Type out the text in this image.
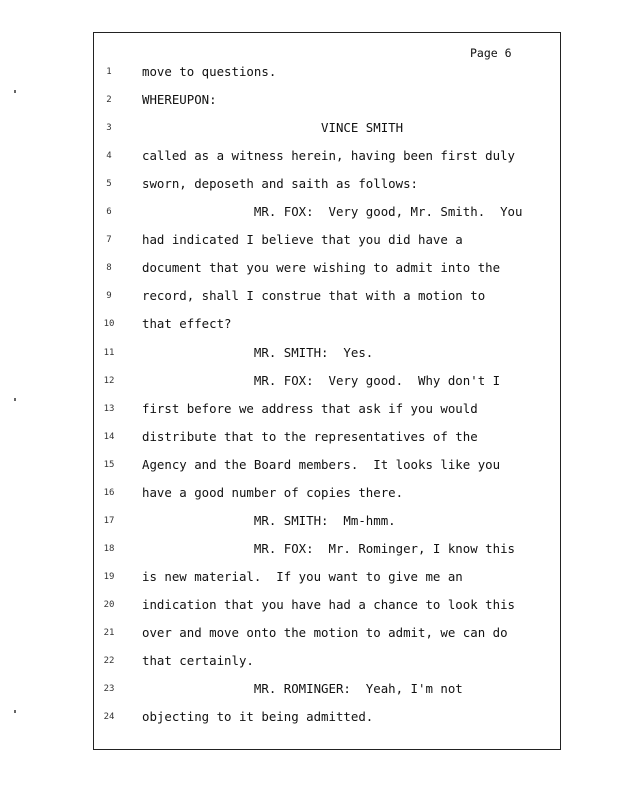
Page 6
1	move to questions.
2	WHEREUPON:
3	VINCE SMITH
4	called as a witness herein, having been first duly
5	sworn, deposeth and saith as follows:
6	MR. FOX:  Very good, Mr. Smith.  You
7	had indicated I believe that you did have a
8	document that you were wishing to admit into the
9	record, shall I construe that with a motion to
10	that effect?
11	MR. SMITH:  Yes.
12	MR. FOX:  Very good.  Why don't I
13	first before we address that ask if you would
14	distribute that to the representatives of the
15	Agency and the Board members.  It looks like you
16	have a good number of copies there.
17	MR. SMITH:  Mm-hmm.
18	MR. FOX:  Mr. Rominger, I know this
19	is new material.  If you want to give me an
20	indication that you have had a chance to look this
21	over and move onto the motion to admit, we can do
22	that certainly.
23	MR. ROMINGER:  Yeah, I'm not
24	objecting to it being admitted.
